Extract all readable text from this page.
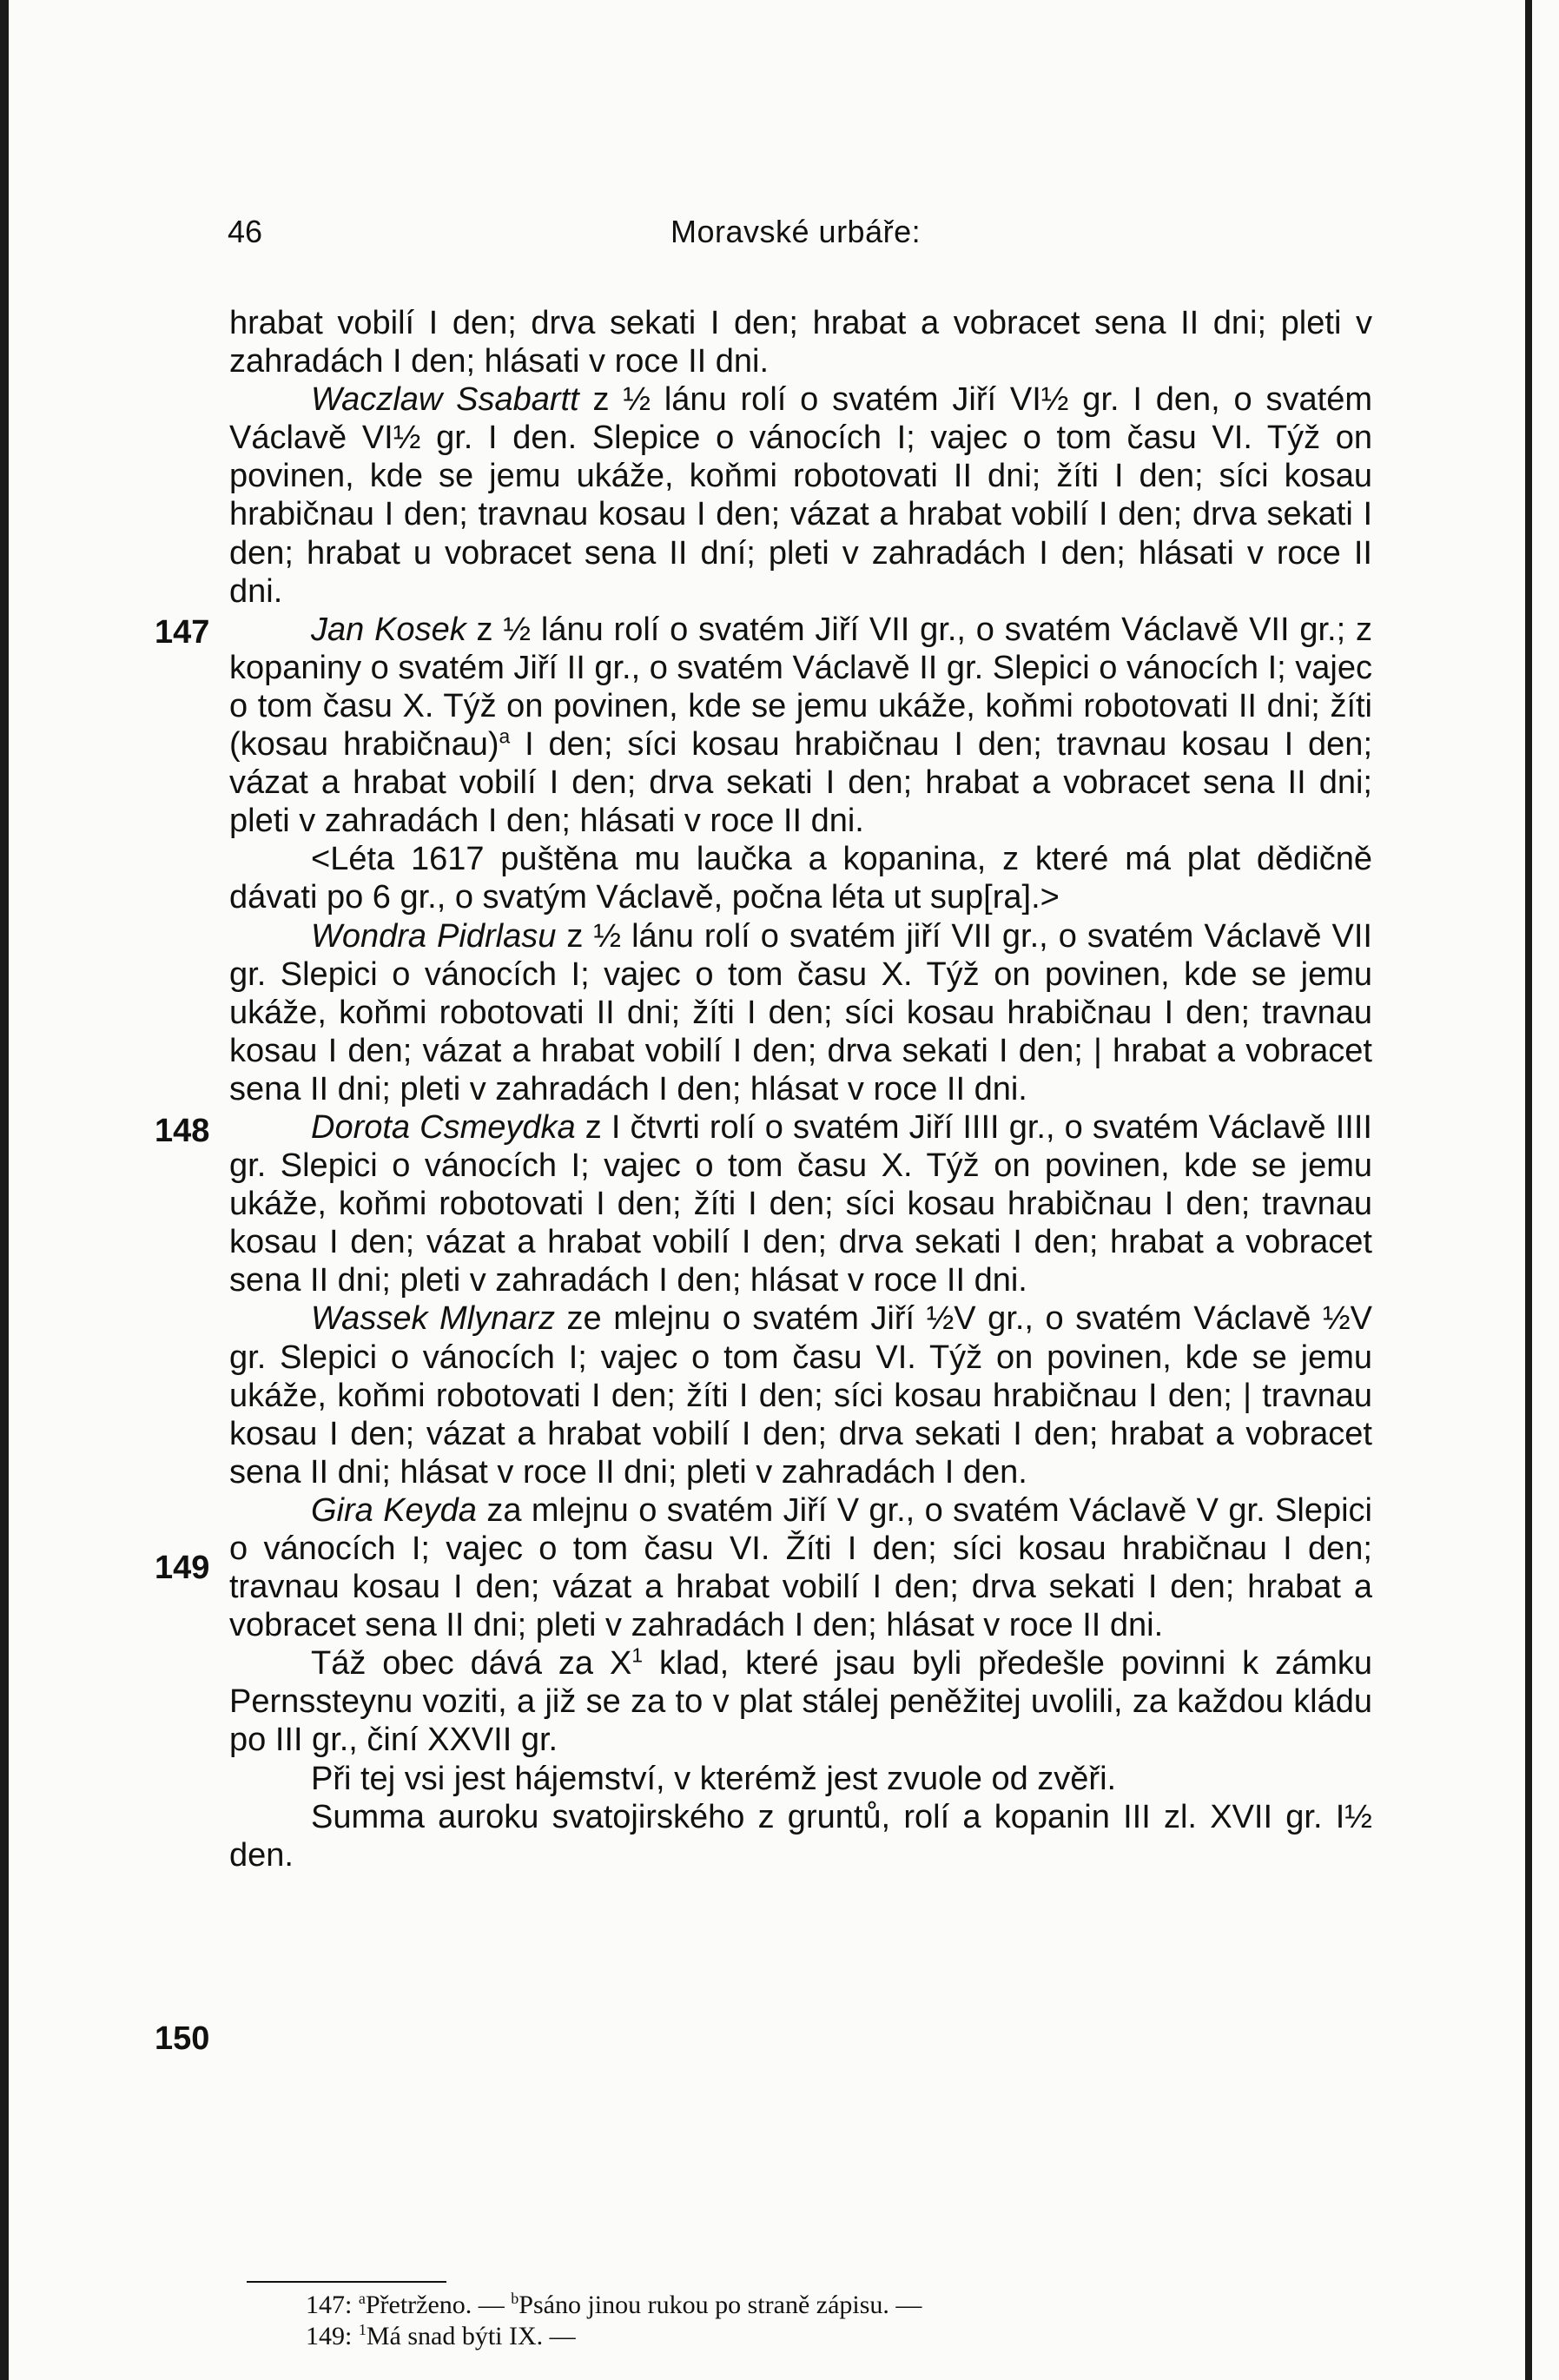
46	Moravské urbáře:
147
148
149
150

hrabat vobilí I den; drva sekati I den; hrabat a vobracet sena II dni; pleti v zahradách I den; hlásati v roce II dni.

Waczlaw Ssabartt z ½ lánu rolí o svatém Jiří VI½ gr. I den, o svatém Václavě VI½ gr. I den. Slepice o vánocích I; vajec o tom času VI. Týž on povinen, kde se jemu ukáže, koňmi robotovati II dni; žíti I den; síci kosau hrabičnau I den; travnau kosau I den; vázat a hrabat vobilí I den; drva sekati I den; hrabat u vobracet sena II dní; pleti v zahradách I den; hlásati v roce II dni.

Jan Kosek z ½ lánu rolí o svatém Jiří VII gr., o svatém Václavě VII gr.; z kopaniny o svatém Jiří II gr., o svatém Václavě II gr. Slepici o vánocích I; vajec o tom času X. Týž on povinen, kde se jemu ukáže, koňmi robotovati II dni; žíti (kosau hrabičnau)$^a$ I den; síci kosau hrabičnau I den; travnau kosau I den; vázat a hrabat vobilí I den; drva sekati I den; hrabat a vobracet sena II dni; pleti v zahradách I den; hlásati v roce II dni.

<Léta 1617 puštěna mu laučka a kopanina, z které má plat dědičně dávati po 6 gr., o svatým Václavě, počna léta ut sup[ra].>

Wondra Pidrlasu z ½ lánu rolí o svatém jiří VII gr., o svatém Václavě VII gr. Slepici o vánocích I; vajec o tom času X. Týž on povinen, kde se jemu ukáže, koňmi robotovati II dni; žíti I den; síci kosau hrabičnau I den; travnau kosau I den; vázat a hrabat vobilí I den; drva sekati I den; | hrabat a vobracet sena II dni; pleti v zahradách I den; hlásat v roce II dni.

Dorota Csmeydka z I čtvrti rolí o svatém Jiří IIII gr., o svatém Václavě IIII gr. Slepici o vánocích I; vajec o tom času X. Týž on povinen, kde se jemu ukáže, koňmi robotovati I den; žíti I den; síci kosau hrabičnau I den; travnau kosau I den; vázat a hrabat vobilí I den; drva sekati I den; hrabat a vobracet sena II dni; pleti v zahradách I den; hlásat v roce II dni.

Wassek Mlynarz ze mlejnu o svatém Jiří ½V gr., o svatém Václavě ½V gr. Slepici o vánocích I; vajec o tom času VI. Týž on povinen, kde se jemu ukáže, koňmi robotovati I den; žíti I den; síci kosau hrabičnau I den; | travnau kosau I den; vázat a hrabat vobilí I den; drva sekati I den; hrabat a vobracet sena II dni; hlásat v roce II dni; pleti v zahradách I den.

Gira Keyda za mlejnu o svatém Jiří V gr., o svatém Václavě V gr. Slepici o vánocích I; vajec o tom času VI. Žíti I den; síci kosau hrabičnau I den; travnau kosau I den; vázat a hrabat vobilí I den; drva sekati I den; hrabat a vobracet sena II dni; pleti v zahradách I den; hlásat v roce II dni.

Táž obec dává za $X^1$ klad, které jsau byli předešle povinni k zámku Pernssteynu voziti, a již se za to v plat stálej peněžitej uvolili, za každou kládu po III gr., činí XXVII gr.

Při tej vsi jest hájemství, v kterémž jest zvuole od zvěři.

Summa auroku svatojirského z gruntů, rolí a kopanin III zl. XVII gr. I½ den.

147: $^a$Přetrženo. — $^b$Psáno jinou rukou po straně zápisu. —

149: $^1$Má snad býti IX. —
